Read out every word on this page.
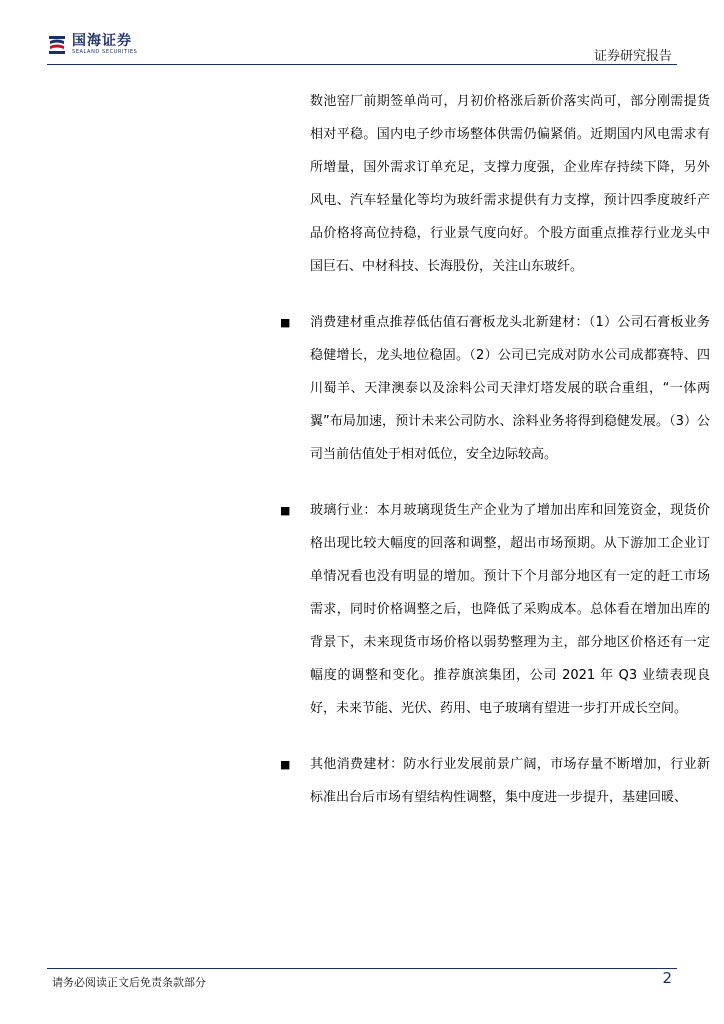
国海证券
SEALAND SECURITIES	证券研究报告

数池窑厂前期签单尚可，月初价格涨后新价落实尚可，部分刚需提货相对平稳。国内电子纱市场整体供需仍偏紧俏。近期国内风电需求有所增量，国外需求订单充足，支撑力度强，企业库存持续下降，另外风电、汽车轻量化等均为玻纤需求提供有力支撑，预计四季度玻纤产品价格将高位持稳，行业景气度向好。个股方面重点推荐行业龙头中国巨石、中材科技、长海股份，关注山东玻纤。

■	消费建材重点推荐低估值石膏板龙头北新建材：（1）公司石膏板业务稳健增长，龙头地位稳固。（2）公司已完成对防水公司成都赛特、四川蜀羊、天津澳泰以及涂料公司天津灯塔发展的联合重组，“一体两翼”布局加速，预计未来公司防水、涂料业务将得到稳健发展。（3）公司当前估值处于相对低位，安全边际较高。

■	玻璃行业：本月玻璃现货生产企业为了增加出库和回笼资金，现货价格出现比较大幅度的回落和调整，超出市场预期。从下游加工企业订单情况看也没有明显的增加。预计下个月部分地区有一定的赶工市场需求，同时价格调整之后，也降低了采购成本。总体看在增加出库的背景下，未来现货市场价格以弱势整理为主，部分地区价格还有一定幅度的调整和变化。推荐旗滨集团，公司 2021 年 Q3 业绩表现良好，未来节能、光伏、药用、电子玻璃有望进一步打开成长空间。

■	其他消费建材：防水行业发展前景广阔，市场存量不断增加，行业新标准出台后市场有望结构性调整，集中度进一步提升，基建回暖、

请务必阅读正文后免责条款部分	2
